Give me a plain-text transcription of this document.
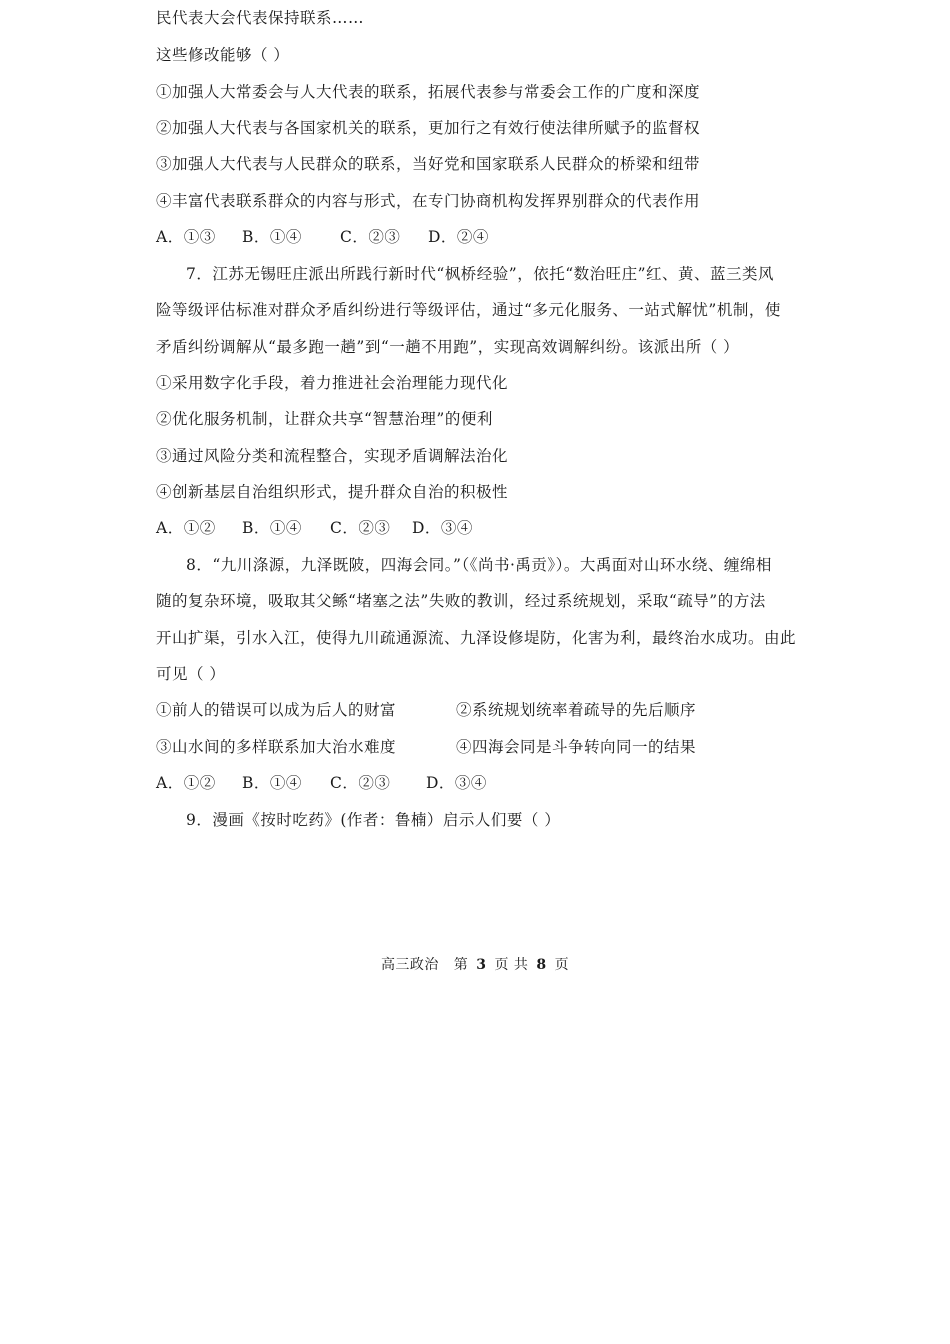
民代表大会代表保持联系……
这些修改能够（ ）
①加强人大常委会与人大代表的联系，拓展代表参与常委会工作的广度和深度
②加强人大代表与各国家机关的联系，更加行之有效行使法律所赋予的监督权
③加强人大代表与人民群众的联系，当好党和国家联系人民群众的桥梁和纽带
④丰富代表联系群众的内容与形式，在专门协商机构发挥界别群众的代表作用
A．①③ B．①④ C．②③ D．②④
7．江苏无锡旺庄派出所践行新时代“枫桥经验”，依托“数治旺庄”红、黄、蓝三类风
险等级评估标准对群众矛盾纠纷进行等级评估，通过“多元化服务、一站式解忧”机制，使
矛盾纠纷调解从“最多跑一趟”到“一趟不用跑”，实现高效调解纠纷。该派出所（ ）
①采用数字化手段，着力推进社会治理能力现代化
②优化服务机制，让群众共享“智慧治理”的便利
③通过风险分类和流程整合，实现矛盾调解法治化
④创新基层自治组织形式，提升群众自治的积极性
A．①② B．①④ C．②③ D．③④
8．“九川涤源，九泽既陂，四海会同。”（《尚书·禹贡》）。大禹面对山环水绕、缠绵相
随的复杂环境，吸取其父鲧“堵塞之法”失败的教训，经过系统规划，采取“疏导”的方法
开山扩渠，引水入江，使得九川疏通源流、九泽设修堤防，化害为利，最终治水成功。由此
可见（ ）
①前人的错误可以成为后人的财富	②系统规划统率着疏导的先后顺序
③山水间的多样联系加大治水难度	④四海会同是斗争转向同一的结果
A．①② B．①④ C．②③ D．③④
9．漫画《按时吃药》(作者：鲁楠）启示人们要（ ）
高三政治 第 3 页 共 8 页
